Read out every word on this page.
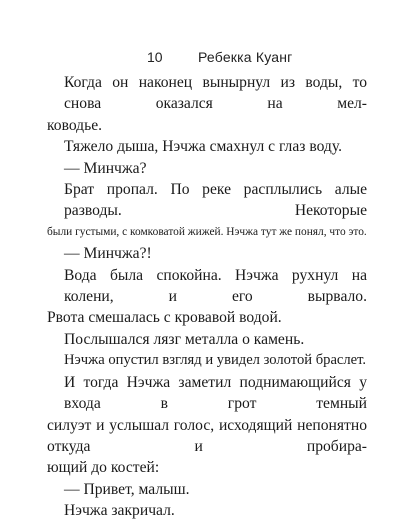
10	Ребекка Куанг
Когда он наконец вынырнул из воды, то снова оказался на мел-
ководье.
Тяжело дыша, Нэчжа смахнул с глаз воду.
— Минчжа?
Брат пропал. По реке расплылись алые разводы. Некоторые
были густыми, с комковатой жижей. Нэчжа тут же понял, что это.
— Минчжа?!
Вода была спокойна. Нэчжа рухнул на колени, и его вырвало.
Рвота смешалась с кровавой водой.
Послышался лязг металла о камень.
Нэчжа опустил взгляд и увидел золотой браслет.
И тогда Нэчжа заметил поднимающийся у входа в грот темный
силуэт и услышал голос, исходящий непонятно откуда и пробира-
ющий до костей:
— Привет, малыш.
Нэчжа закричал.
